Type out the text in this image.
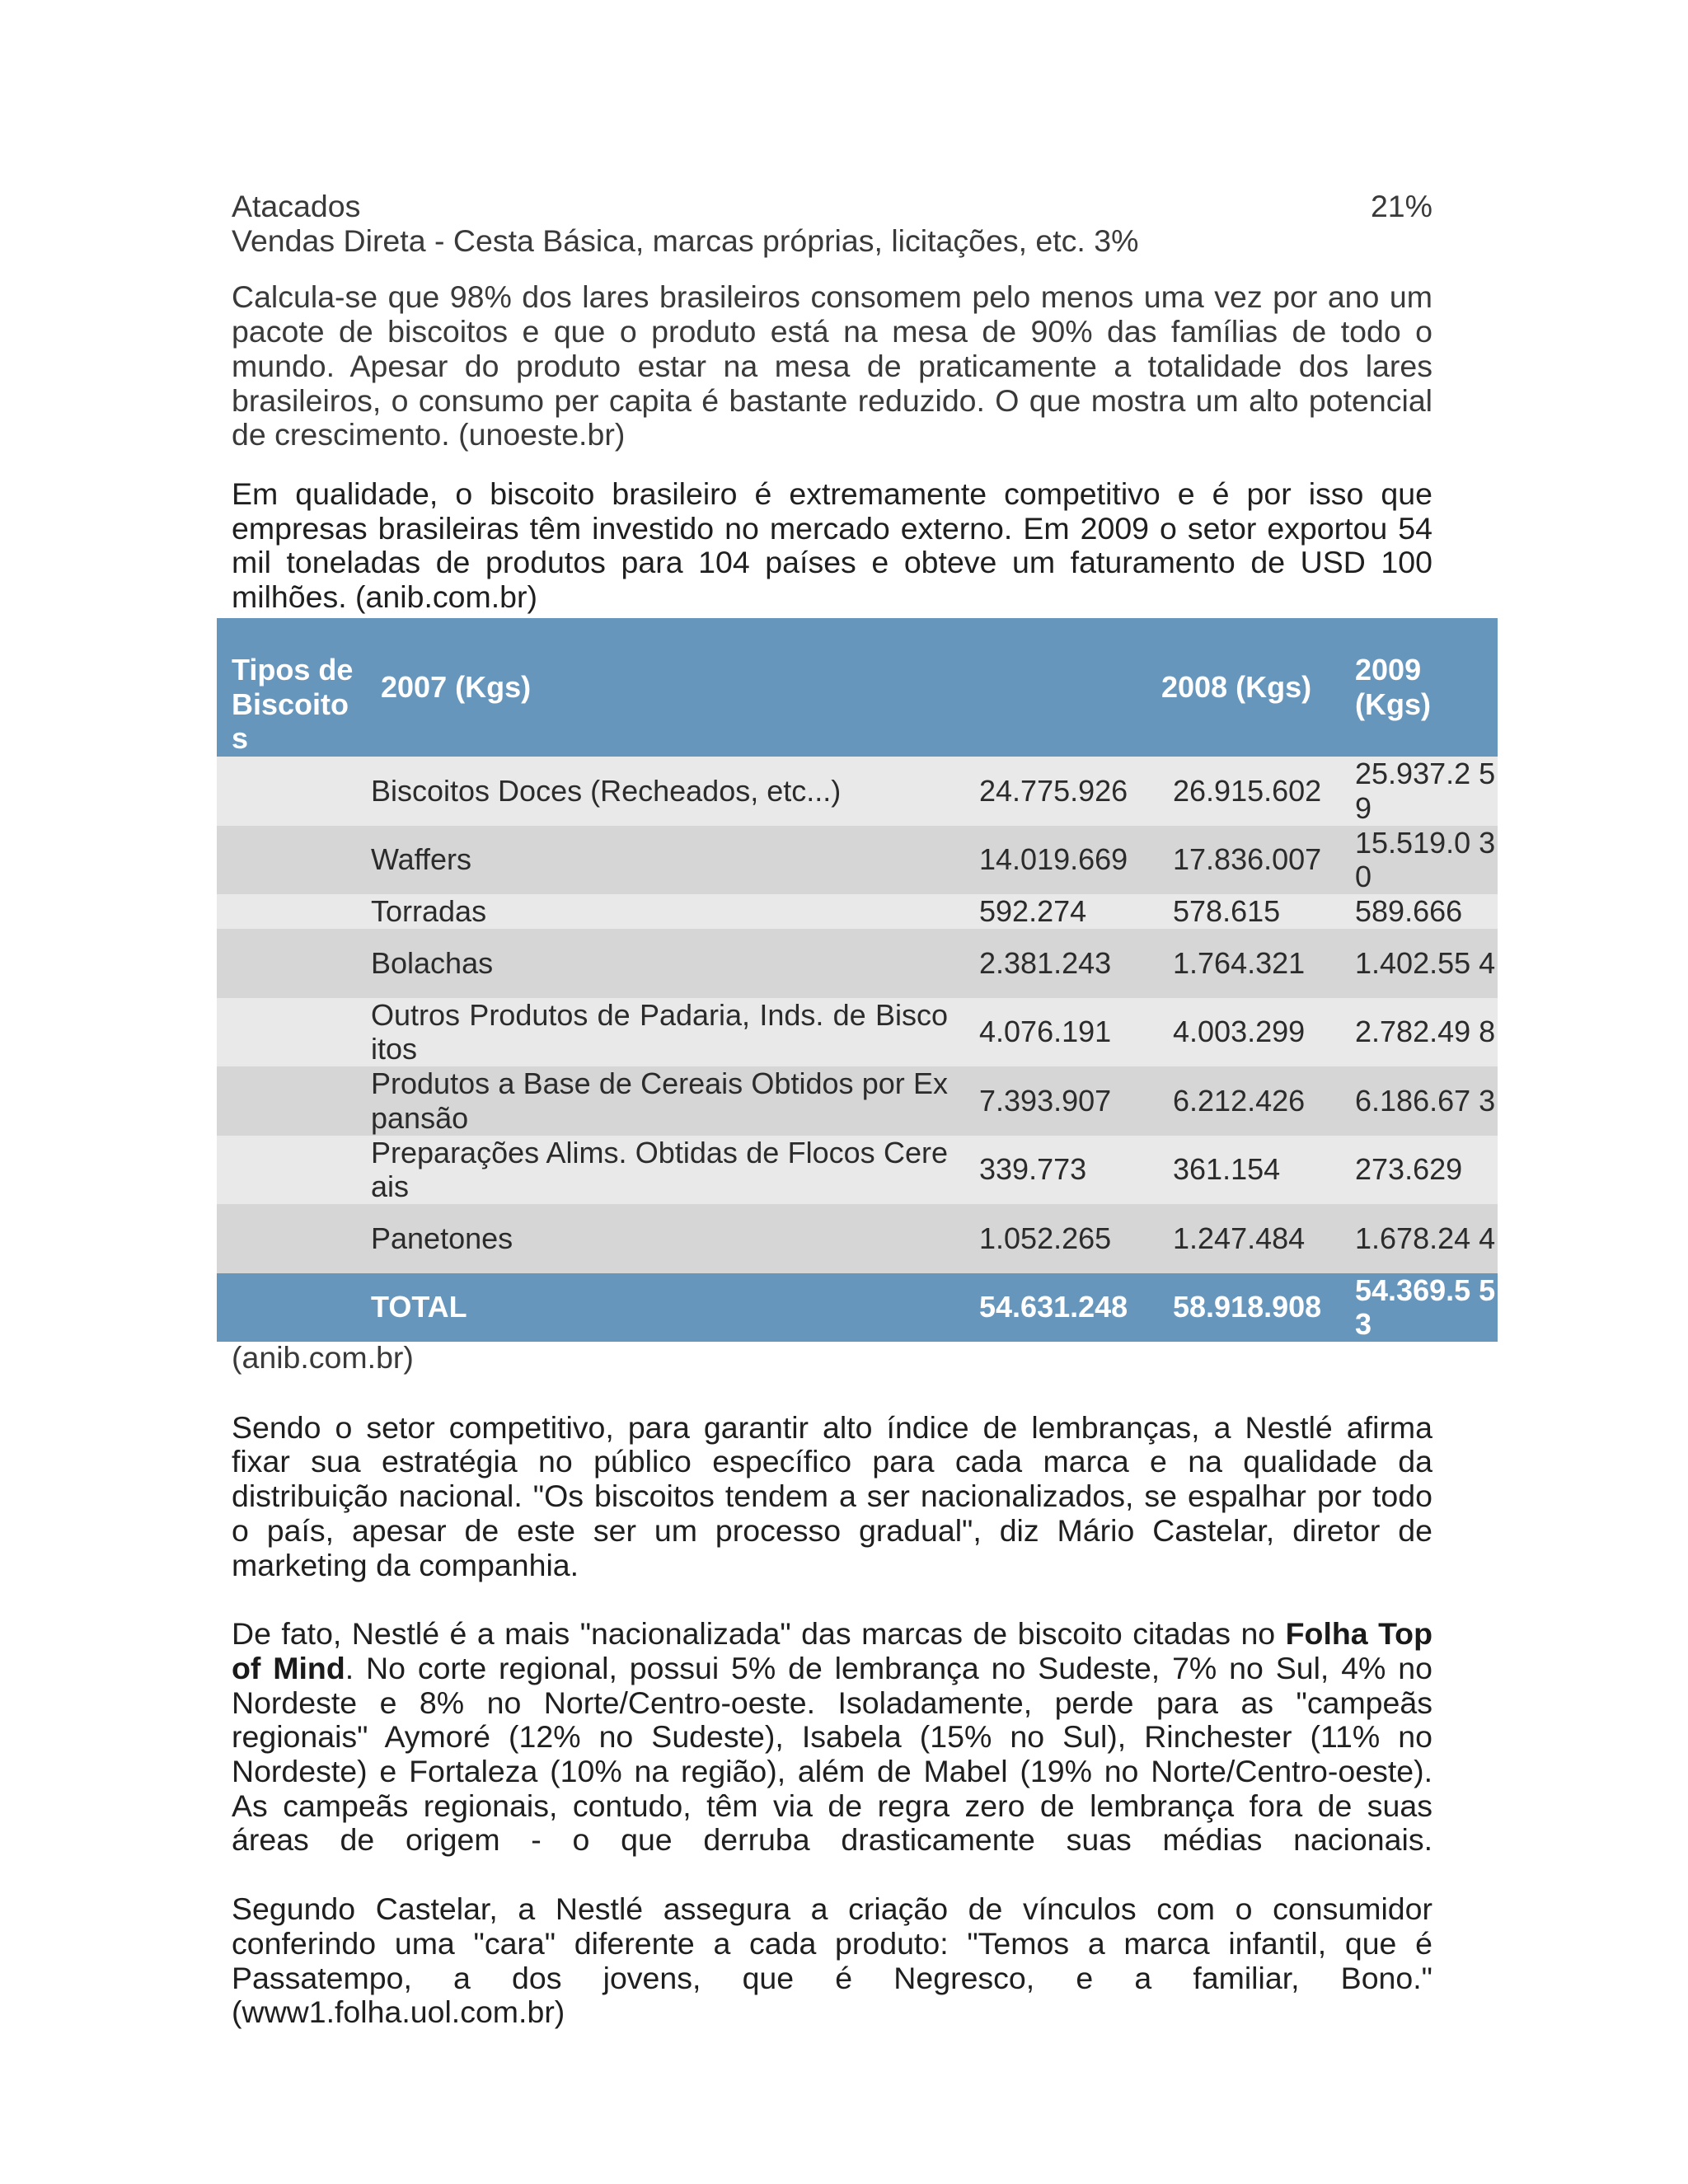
Atacados	21%

Vendas Direta - Cesta Básica, marcas próprias, licitações, etc. 3%

Calcula-se que 98% dos lares brasileiros consomem pelo menos uma vez por ano um pacote de biscoitos e que o produto está na mesa de 90% das famílias de todo o mundo. Apesar do produto estar na mesa de praticamente a totalidade dos lares brasileiros, o consumo per capita é bastante reduzido. O que mostra um alto potencial de crescimento. (unoeste.br)

Em qualidade, o biscoito brasileiro é extremamente competitivo e é por isso que empresas brasileiras têm investido no mercado externo. Em 2009 o setor exportou 54 mil toneladas de produtos para 104 países e obteve um faturamento de USD 100 milhões. (anib.com.br)

Tipos de Biscoito s	2007 (Kgs)		2008 (Kgs)	2009 (Kgs)
Biscoitos Doces (Recheados, etc...)		24.775.926	26.915.602	25.937.2 59
Waffers		14.019.669	17.836.007	15.519.0 30
Torradas		592.274	578.615	589.666
Bolachas		2.381.243	1.764.321	1.402.55 4
Outros Produtos de Padaria, Inds. de Biscoitos		4.076.191	4.003.299	2.782.49 8
Produtos a Base de Cereais Obtidos por Expansão		7.393.907	6.212.426	6.186.67 3
Preparações Alims. Obtidas de Flocos Cereais		339.773	361.154	273.629
Panetones		1.052.265	1.247.484	1.678.24 4
TOTAL		54.631.248	58.918.908	54.369.5 53

(anib.com.br)

Sendo o setor competitivo, para garantir alto índice de lembranças, a Nestlé afirma fixar sua estratégia no público específico para cada marca e na qualidade da distribuição nacional. "Os biscoitos tendem a ser nacionalizados, se espalhar por todo o país, apesar de este ser um processo gradual", diz Mário Castelar, diretor de marketing da companhia.

De fato, Nestlé é a mais "nacionalizada" das marcas de biscoito citadas no Folha Top of Mind. No corte regional, possui 5% de lembrança no Sudeste, 7% no Sul, 4% no Nordeste e 8% no Norte/Centro-oeste. Isoladamente, perde para as "campeãs regionais" Aymoré (12% no Sudeste), Isabela (15% no Sul), Rinchester (11% no Nordeste) e Fortaleza (10% na região), além de Mabel (19% no Norte/Centro-oeste). As campeãs regionais, contudo, têm via de regra zero de lembrança fora de suas áreas de origem - o que derruba drasticamente suas médias nacionais.

Segundo Castelar, a Nestlé assegura a criação de vínculos com o consumidor conferindo uma "cara" diferente a cada produto: "Temos a marca infantil, que é Passatempo, a dos jovens, que é Negresco, e a familiar, Bono." (www1.folha.uol.com.br)
